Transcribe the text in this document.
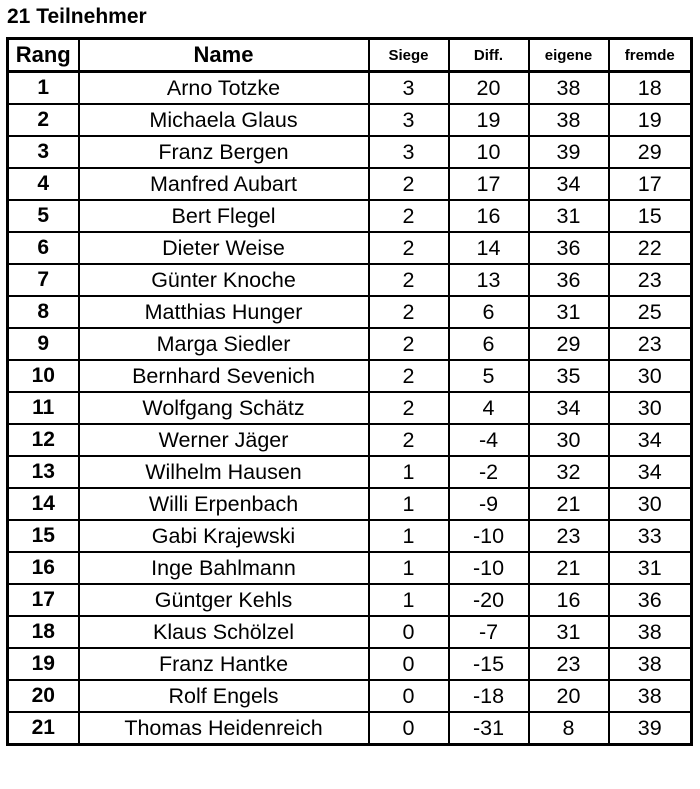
21 Teilnehmer
Rang	Name	Siege	Diff.	eigene	fremde
1	Arno Totzke	3	20	38	18
2	Michaela Glaus	3	19	38	19
3	Franz Bergen	3	10	39	29
4	Manfred Aubart	2	17	34	17
5	Bert Flegel	2	16	31	15
6	Dieter Weise	2	14	36	22
7	Günter Knoche	2	13	36	23
8	Matthias Hunger	2	6	31	25
9	Marga Siedler	2	6	29	23
10	Bernhard Sevenich	2	5	35	30
11	Wolfgang Schätz	2	4	34	30
12	Werner Jäger	2	-4	30	34
13	Wilhelm Hausen	1	-2	32	34
14	Willi Erpenbach	1	-9	21	30
15	Gabi Krajewski	1	-10	23	33
16	Inge Bahlmann	1	-10	21	31
17	Güntger Kehls	1	-20	16	36
18	Klaus Schölzel	0	-7	31	38
19	Franz Hantke	0	-15	23	38
20	Rolf Engels	0	-18	20	38
21	Thomas Heidenreich	0	-31	8	39
